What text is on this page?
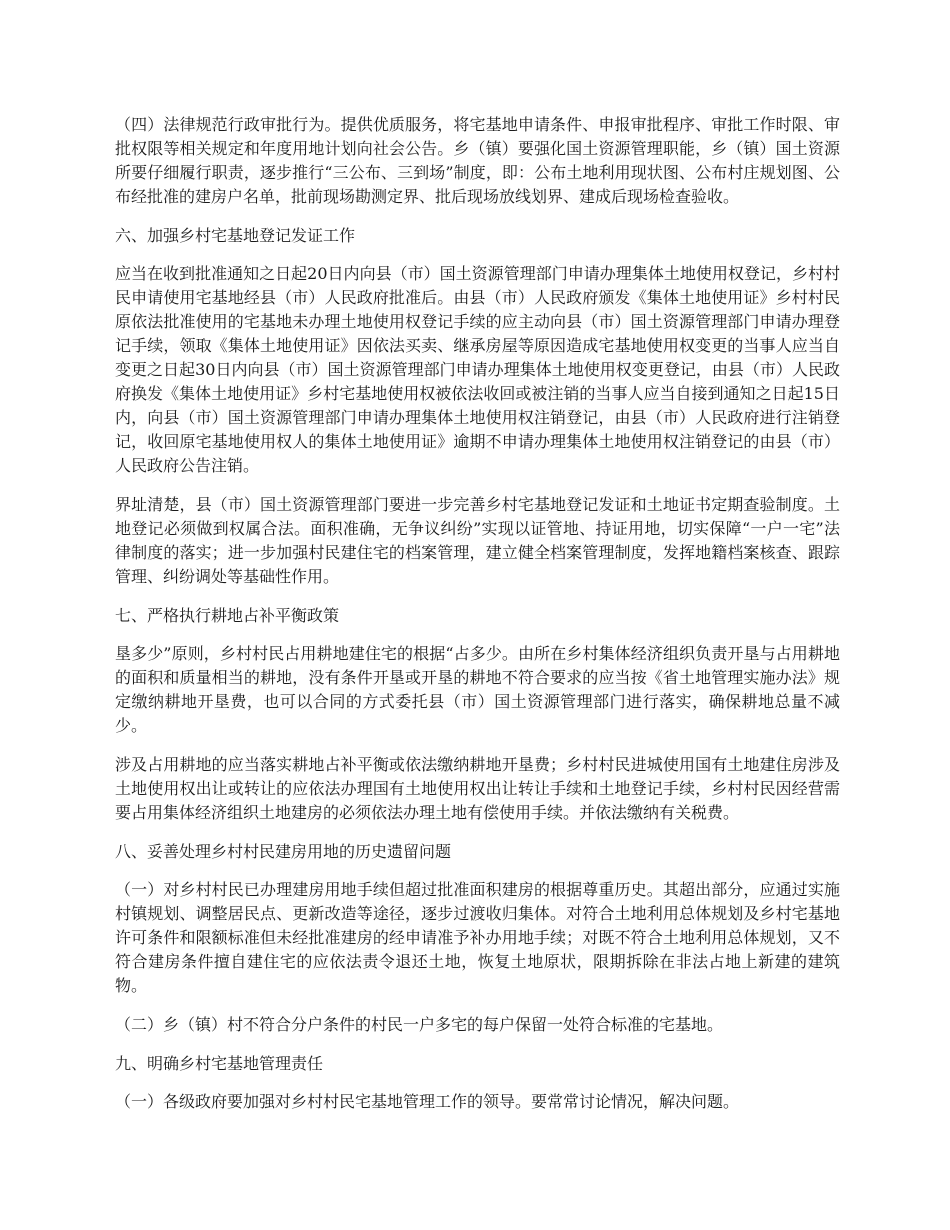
（四）法律规范行政审批行为。提供优质服务，将宅基地申请条件、申报审批程序、审批工作时限、审批权限等相关规定和年度用地计划向社会公告。乡（镇）要强化国土资源管理职能，乡（镇）国土资源所要仔细履行职责，逐步推行“三公布、三到场”制度，即：公布土地利用现状图、公布村庄规划图、公布经批准的建房户名单，批前现场勘测定界、批后现场放线划界、建成后现场检查验收。

六、加强乡村宅基地登记发证工作

应当在收到批准通知之日起20日内向县（市）国土资源管理部门申请办理集体土地使用权登记，乡村村民申请使用宅基地经县（市）人民政府批准后。由县（市）人民政府颁发《集体土地使用证》乡村村民原依法批准使用的宅基地未办理土地使用权登记手续的应主动向县（市）国土资源管理部门申请办理登记手续，领取《集体土地使用证》因依法买卖、继承房屋等原因造成宅基地使用权变更的当事人应当自变更之日起30日内向县（市）国土资源管理部门申请办理集体土地使用权变更登记，由县（市）人民政府换发《集体土地使用证》乡村宅基地使用权被依法收回或被注销的当事人应当自接到通知之日起15日内，向县（市）国土资源管理部门申请办理集体土地使用权注销登记，由县（市）人民政府进行注销登记，收回原宅基地使用权人的集体土地使用证》逾期不申请办理集体土地使用权注销登记的由县（市）人民政府公告注销。

界址清楚，县（市）国土资源管理部门要进一步完善乡村宅基地登记发证和土地证书定期查验制度。土地登记必须做到权属合法。面积准确，无争议纠纷”实现以证管地、持证用地，切实保障“一户一宅”法律制度的落实；进一步加强村民建住宅的档案管理，建立健全档案管理制度，发挥地籍档案核查、跟踪管理、纠纷调处等基础性作用。

七、严格执行耕地占补平衡政策

垦多少”原则，乡村村民占用耕地建住宅的根据“占多少。由所在乡村集体经济组织负责开垦与占用耕地的面积和质量相当的耕地，没有条件开垦或开垦的耕地不符合要求的应当按《省土地管理实施办法》规定缴纳耕地开垦费，也可以合同的方式委托县（市）国土资源管理部门进行落实，确保耕地总量不减少。

涉及占用耕地的应当落实耕地占补平衡或依法缴纳耕地开垦费；乡村村民进城使用国有土地建住房涉及土地使用权出让或转让的应依法办理国有土地使用权出让转让手续和土地登记手续，乡村村民因经营需要占用集体经济组织土地建房的必须依法办理土地有偿使用手续。并依法缴纳有关税费。

八、妥善处理乡村村民建房用地的历史遗留问题

（一）对乡村村民已办理建房用地手续但超过批准面积建房的根据尊重历史。其超出部分，应通过实施村镇规划、调整居民点、更新改造等途径，逐步过渡收归集体。对符合土地利用总体规划及乡村宅基地许可条件和限额标准但未经批准建房的经申请准予补办用地手续；对既不符合土地利用总体规划，又不符合建房条件擅自建住宅的应依法责令退还土地，恢复土地原状，限期拆除在非法占地上新建的建筑物。

（二）乡（镇）村不符合分户条件的村民一户多宅的每户保留一处符合标准的宅基地。

九、明确乡村宅基地管理责任

（一）各级政府要加强对乡村村民宅基地管理工作的领导。要常常讨论情况，解决问题。
